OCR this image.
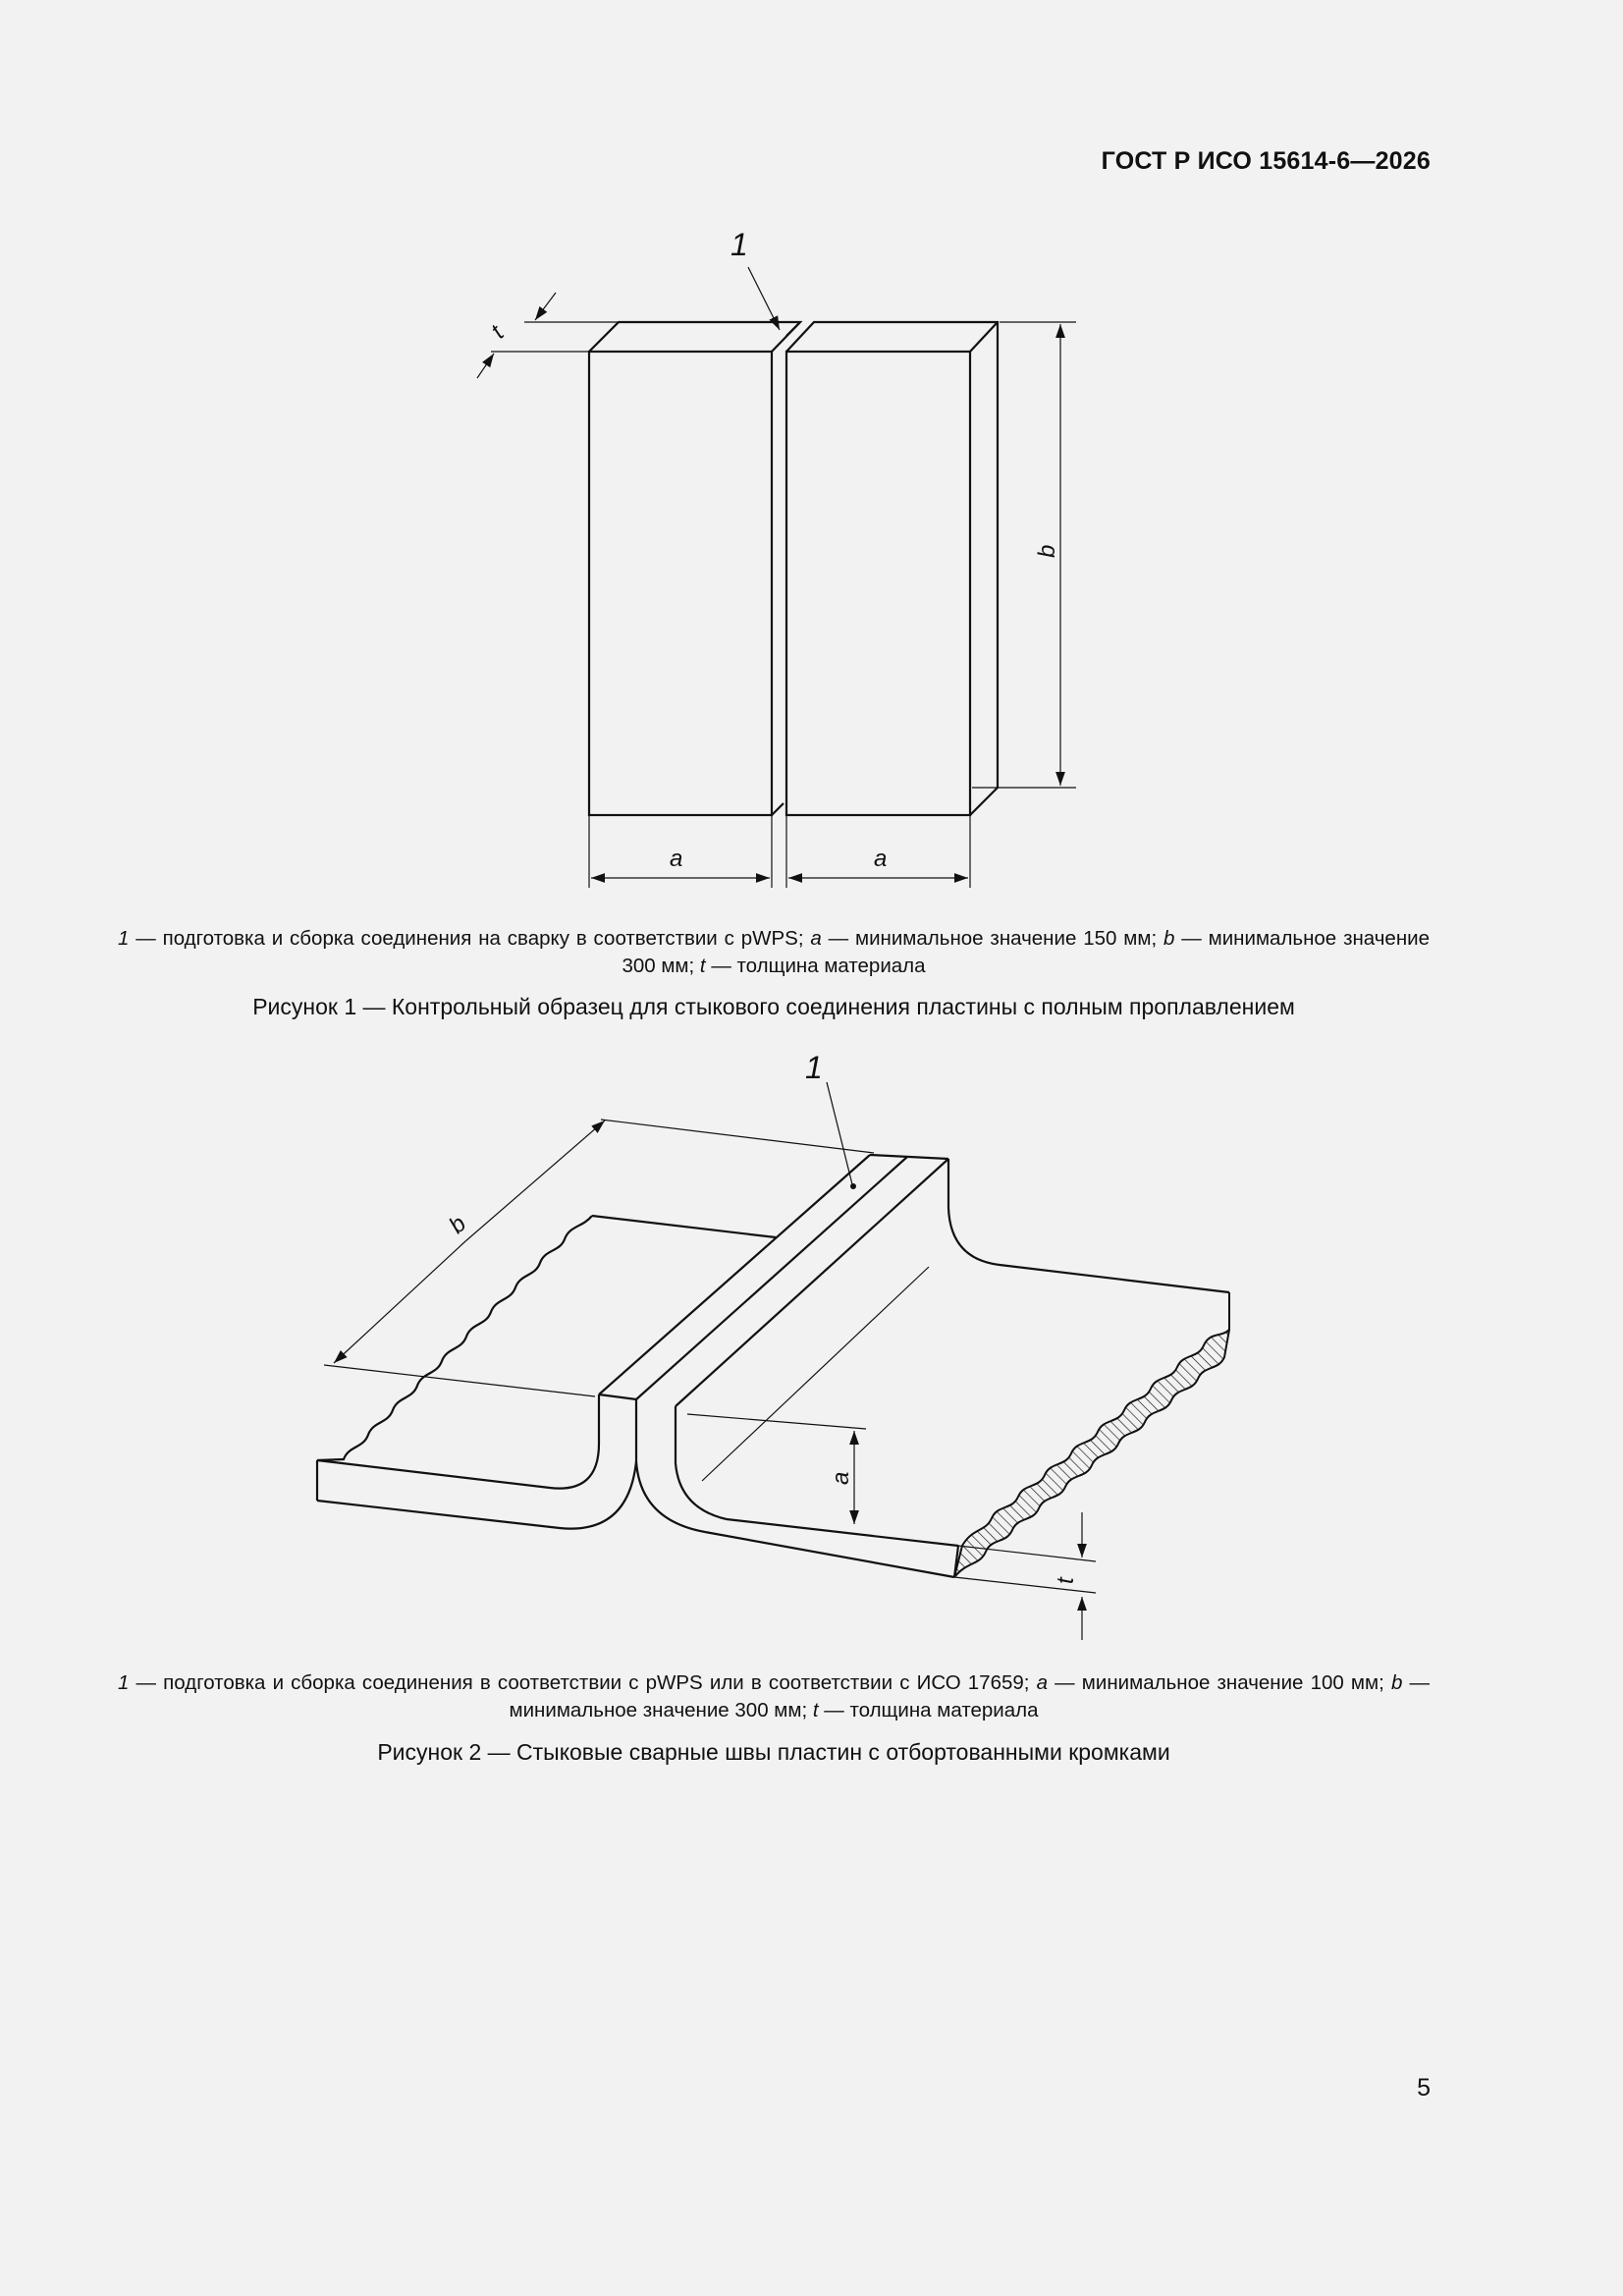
ГОСТ Р ИСО 15614-6—2026
t
b
a	a
1
1 — подготовка и сборка соединения на сварку в соответствии с pWPS; a — минимальное значение 150 мм; b — минимальное значение 300 мм; t — толщина материала
Рисунок 1 — Контрольный образец для стыкового соединения пластины с полным проплавлением
b
a
t
1
1 — подготовка и сборка соединения в соответствии с pWPS или в соответствии с ИСО 17659; a — минимальное значение 100 мм; b — минимальное значение 300 мм; t — толщина материала
Рисунок 2 — Стыковые сварные швы пластин с отбортованными кромками
5
